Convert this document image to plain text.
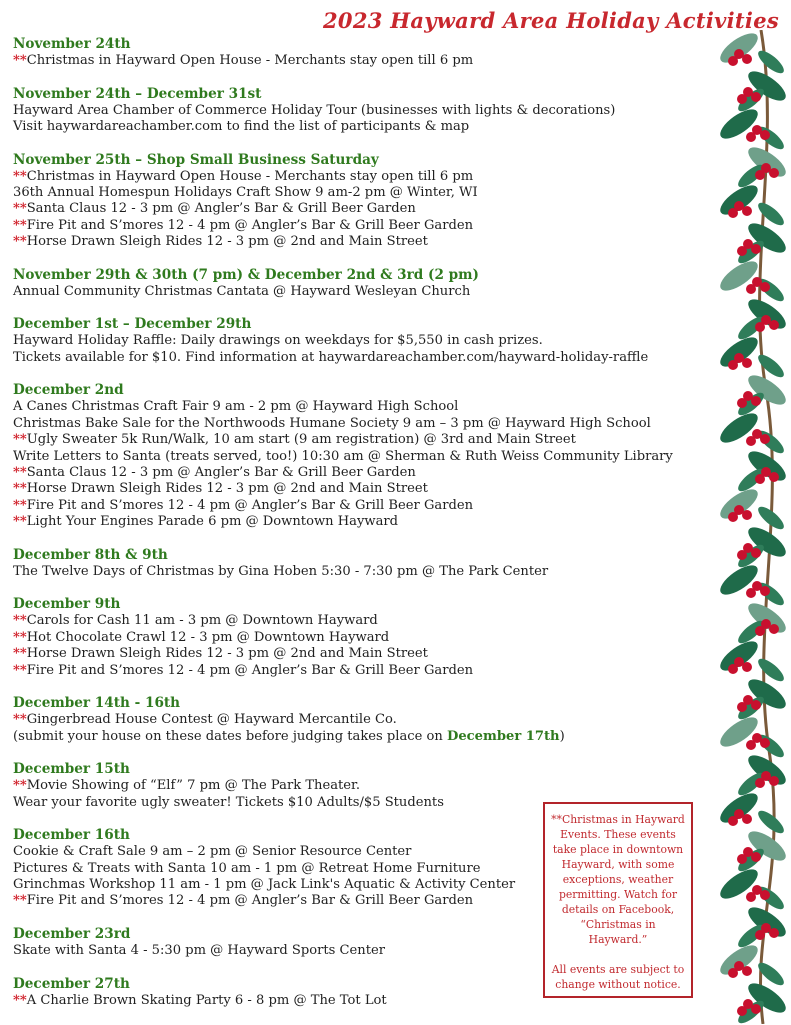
2023 Hayward Area Holiday Activities
November 24th
**Christmas in Hayward Open House - Merchants stay open till 6 pm
November 24th – December 31st
Hayward Area Chamber of Commerce Holiday Tour (businesses with lights & decorations)
Visit haywardareachamber.com to find the list of participants & map
November 25th – Shop Small Business Saturday
**Christmas in Hayward Open House - Merchants stay open till 6 pm
36th Annual Homespun Holidays Craft Show 9 am-2 pm @ Winter, WI
**Santa Claus 12 - 3 pm @ Angler’s Bar & Grill Beer Garden
**Fire Pit and S’mores 12 - 4 pm @ Angler’s Bar & Grill Beer Garden
**Horse Drawn Sleigh Rides 12 - 3 pm @ 2nd and Main Street
November 29th & 30th (7 pm) & December 2nd & 3rd (2 pm)
Annual Community Christmas Cantata @ Hayward Wesleyan Church
December 1st – December 29th
Hayward Holiday Raffle: Daily drawings on weekdays for $5,550 in cash prizes.
Tickets available for $10. Find information at haywardareachamber.com/hayward-holiday-raffle
December 2nd
A Canes Christmas Craft Fair 9 am - 2 pm @ Hayward High School
Christmas Bake Sale for the Northwoods Humane Society 9 am – 3 pm @ Hayward High School
**Ugly Sweater 5k Run/Walk, 10 am start (9 am registration) @ 3rd and Main Street
Write Letters to Santa (treats served, too!) 10:30 am @ Sherman & Ruth Weiss Community Library
**Santa Claus 12 - 3 pm @ Angler’s Bar & Grill Beer Garden
**Horse Drawn Sleigh Rides 12 - 3 pm @ 2nd and Main Street
**Fire Pit and S’mores 12 - 4 pm @ Angler’s Bar & Grill Beer Garden
**Light Your Engines Parade 6 pm @ Downtown Hayward
December 8th & 9th
The Twelve Days of Christmas by Gina Hoben 5:30 - 7:30 pm @ The Park Center
December 9th
**Carols for Cash 11 am - 3 pm @ Downtown Hayward
**Hot Chocolate Crawl 12 - 3 pm @ Downtown Hayward
**Horse Drawn Sleigh Rides 12 - 3 pm @ 2nd and Main Street
**Fire Pit and S’mores 12 - 4 pm @ Angler’s Bar & Grill Beer Garden
December 14th - 16th
**Gingerbread House Contest @ Hayward Mercantile Co.
(submit your house on these dates before judging takes place on December 17th)
December 15th
**Movie Showing of “Elf” 7 pm @ The Park Theater.
Wear your favorite ugly sweater! Tickets $10 Adults/$5 Students
December 16th
Cookie & Craft Sale 9 am – 2 pm @ Senior Resource Center
Pictures & Treats with Santa 10 am - 1 pm @ Retreat Home Furniture
Grinchmas Workshop 11 am - 1 pm @ Jack Link's Aquatic & Activity Center
**Fire Pit and S’mores 12 - 4 pm @ Angler’s Bar & Grill Beer Garden
December 23rd
Skate with Santa 4 - 5:30 pm @ Hayward Sports Center
December 27th
**A Charlie Brown Skating Party 6 - 8 pm @ The Tot Lot

**Christmas in Hayward

Events. These events

take place in downtown

Hayward, with some

exceptions, weather

permitting. Watch for

details on Facebook,

“Christmas in Hayward.”

All events are subject to

change without notice.
